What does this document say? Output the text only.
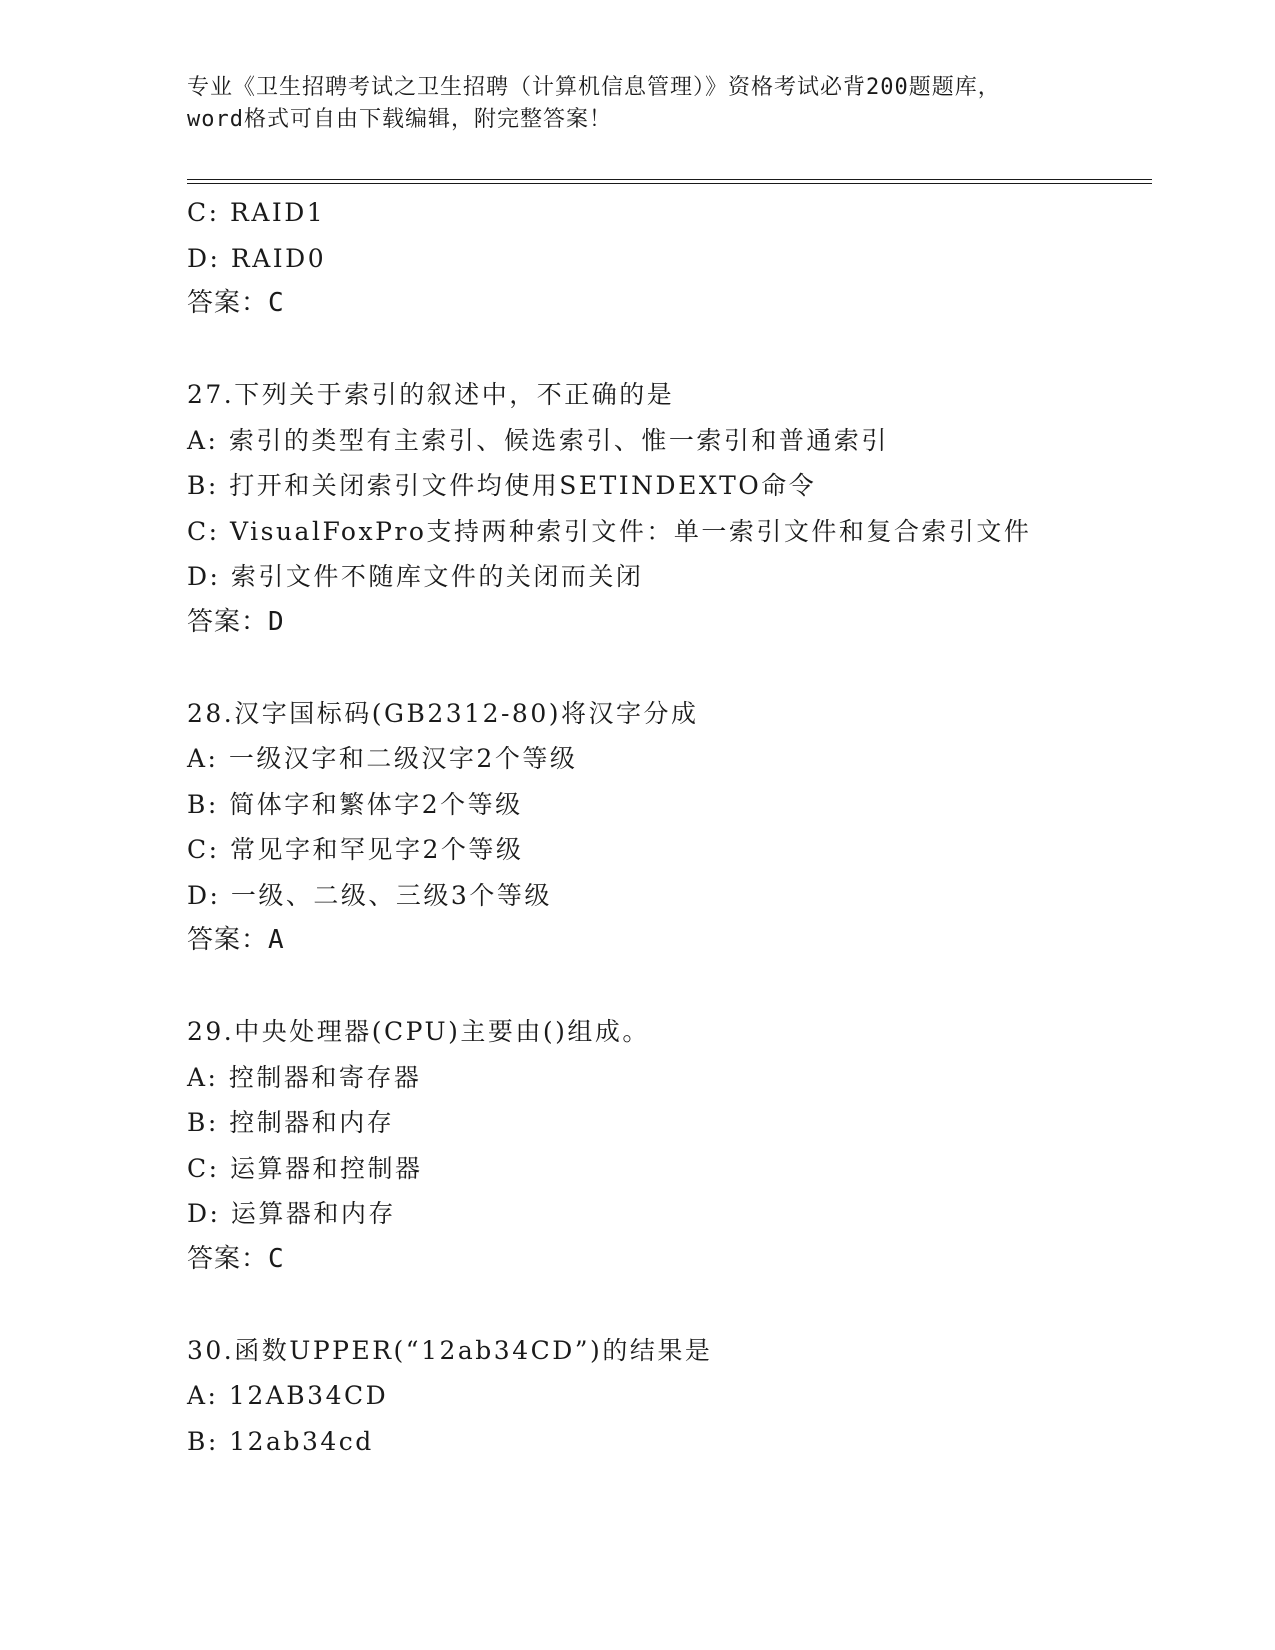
专业《卫生招聘考试之卫生招聘（计算机信息管理）》资格考试必背200题题库，
word格式可自由下载编辑，附完整答案！
C: RAID1
D: RAID0
答案：C
27.下列关于索引的叙述中，不正确的是
A: 索引的类型有主索引、候选索引、惟一索引和普通索引
B: 打开和关闭索引文件均使用SETINDEXTO命令
C: VisualFoxPro支持两种索引文件：单一索引文件和复合索引文件
D: 索引文件不随库文件的关闭而关闭
答案：D
28.汉字国标码(GB2312-80)将汉字分成
A: 一级汉字和二级汉字2个等级
B: 简体字和繁体字2个等级
C: 常见字和罕见字2个等级
D: 一级、二级、三级3个等级
答案：A
29.中央处理器(CPU)主要由()组成。
A: 控制器和寄存器
B: 控制器和内存
C: 运算器和控制器
D: 运算器和内存
答案：C
30.函数UPPER(“12ab34CD”)的结果是
A: 12AB34CD
B: 12ab34cd
